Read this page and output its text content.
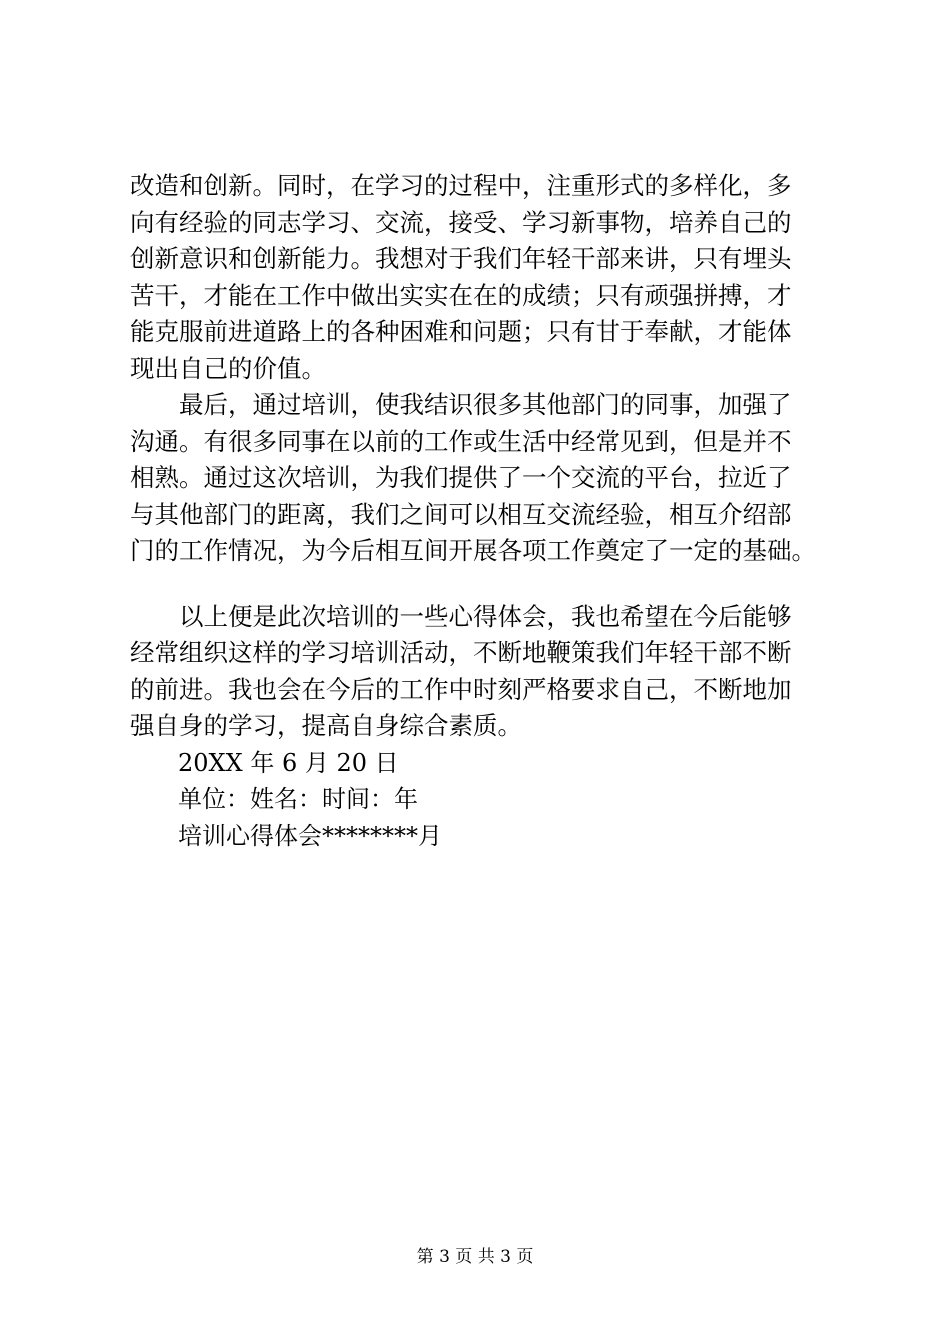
改造和创新。同时，在学习的过程中，注重形式的多样化，多
向有经验的同志学习、交流，接受、学习新事物，培养自己的
创新意识和创新能力。我想对于我们年轻干部来讲，只有埋头
苦干，才能在工作中做出实实在在的成绩；只有顽强拼搏，才
能克服前进道路上的各种困难和问题；只有甘于奉献，才能体
现出自己的价值。

　　最后，通过培训，使我结识很多其他部门的同事，加强了
沟通。有很多同事在以前的工作或生活中经常见到，但是并不
相熟。通过这次培训，为我们提供了一个交流的平台，拉近了
与其他部门的距离，我们之间可以相互交流经验，相互介绍部
门的工作情况，为今后相互间开展各项工作奠定了一定的基础。

　　以上便是此次培训的一些心得体会，我也希望在今后能够
经常组织这样的学习培训活动，不断地鞭策我们年轻干部不断
的前进。我也会在今后的工作中时刻严格要求自己，不断地加
强自身的学习，提高自身综合素质。

20XX 年 6 月 20 日
单位：姓名：时间：年
培训心得体会********月
第 3 页 共 3 页
